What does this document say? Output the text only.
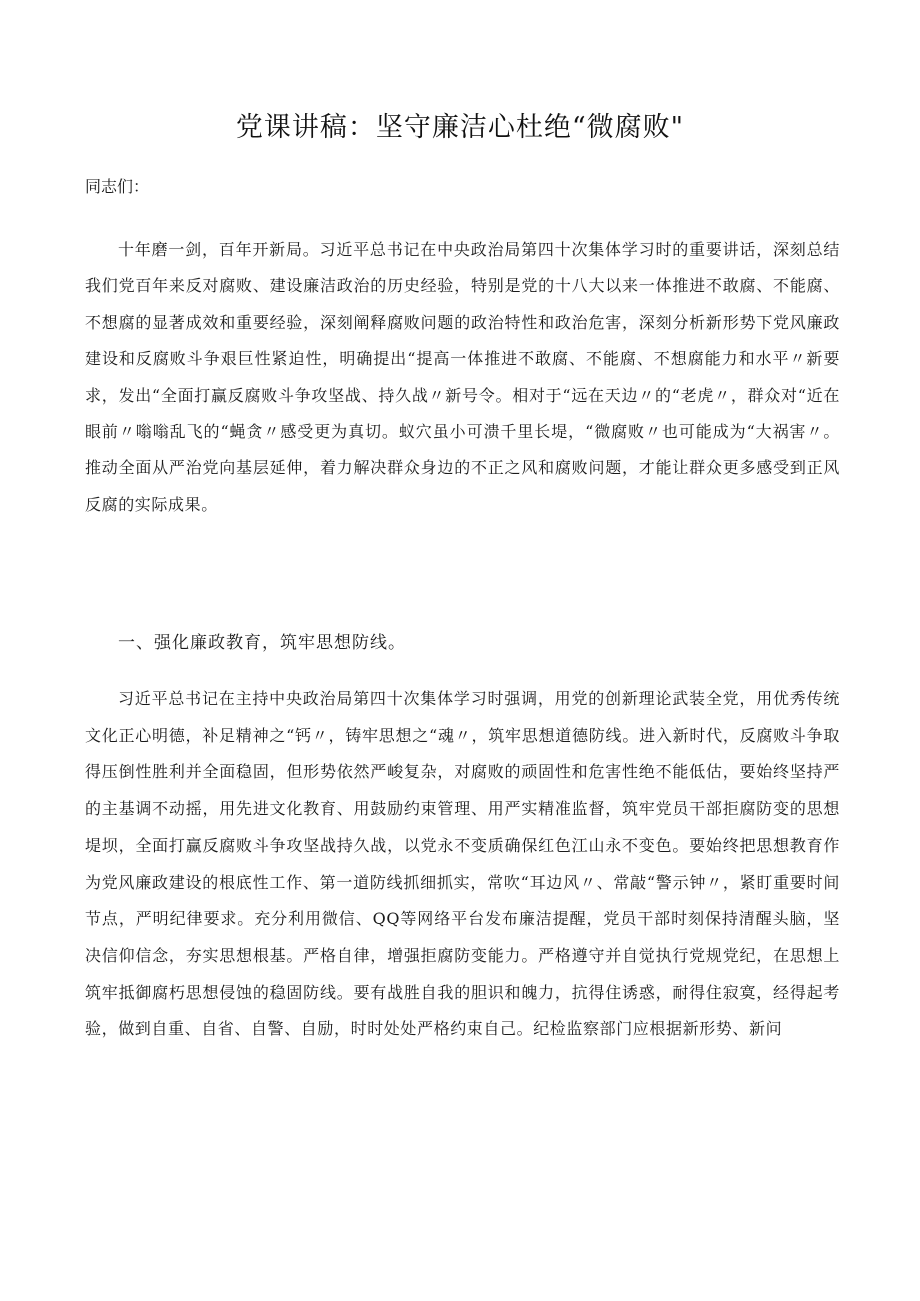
党课讲稿：坚守廉洁心杜绝“微腐败"
同志们：

十年磨一剑，百年开新局。习近平总书记在中央政治局第四十次集体学习时的重要讲话，深刻总结我们党百年来反对腐败、建设廉洁政治的历史经验，特别是党的十八大以来一体推进不敢腐、不能腐、不想腐的显著成效和重要经验，深刻阐释腐败问题的政治特性和政治危害，深刻分析新形势下党风廉政建设和反腐败斗争艰巨性紧迫性，明确提出“提高一体推进不敢腐、不能腐、不想腐能力和水平〃新要求，发出“全面打赢反腐败斗争攻坚战、持久战〃新号令。相对于“远在天边〃的“老虎〃，群众对“近在眼前〃嗡嗡乱飞的“蝇贪〃感受更为真切。蚁穴虽小可溃千里长堤，“微腐败〃也可能成为“大祸害〃。推动全面从严治党向基层延伸，着力解决群众身边的不正之风和腐败问题，才能让群众更多感受到正风反腐的实际成果。

一、强化廉政教育，筑牢思想防线。

习近平总书记在主持中央政治局第四十次集体学习时强调，用党的创新理论武装全党，用优秀传统文化正心明德，补足精神之“钙〃，铸牢思想之“魂〃，筑牢思想道德防线。进入新时代，反腐败斗争取得压倒性胜利并全面稳固，但形势依然严峻复杂，对腐败的顽固性和危害性绝不能低估，要始终坚持严的主基调不动摇，用先进文化教育、用鼓励约束管理、用严实精准监督，筑牢党员干部拒腐防变的思想堤坝，全面打赢反腐败斗争攻坚战持久战，以党永不变质确保红色江山永不变色。要始终把思想教育作为党风廉政建设的根底性工作、第一道防线抓细抓实，常吹“耳边风〃、常敲“警示钟〃，紧盯重要时间节点，严明纪律要求。充分利用微信、QQ等网络平台发布廉洁提醒，党员干部时刻保持清醒头脑，坚决信仰信念，夯实思想根基。严格自律，增强拒腐防变能力。严格遵守并自觉执行党规党纪，在思想上筑牢抵御腐朽思想侵蚀的稳固防线。要有战胜自我的胆识和魄力，抗得住诱惑，耐得住寂寞，经得起考验，做到自重、自省、自警、自励，时时处处严格约束自己。纪检监察部门应根据新形势、新问
